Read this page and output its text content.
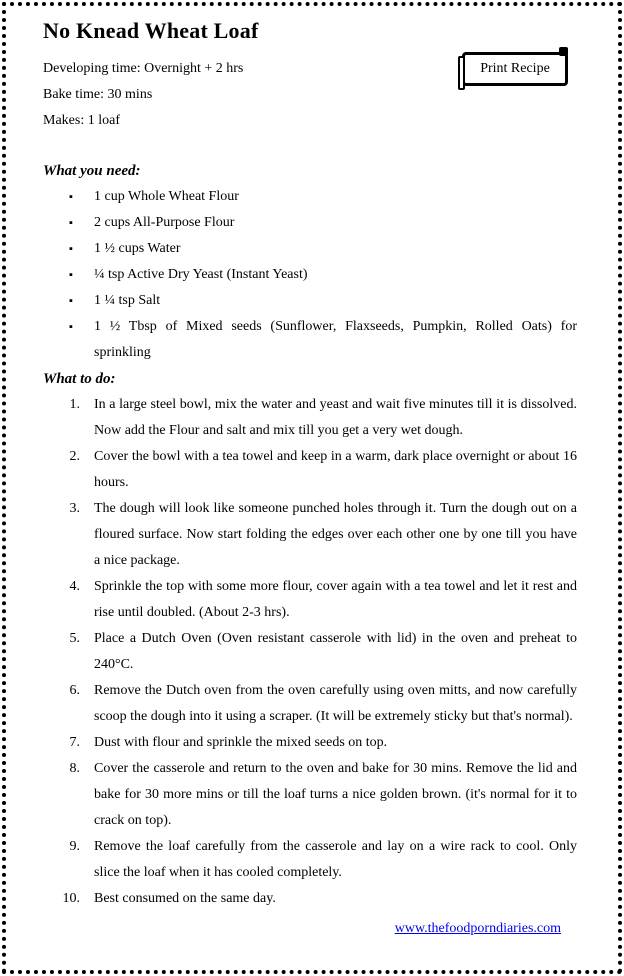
Print Recipe
No Knead Wheat Loaf
Developing time: Overnight + 2 hrs
Bake time: 30 mins
Makes: 1 loaf
What you need:
▪ 1 cup Whole Wheat Flour
▪ 2 cups All-Purpose Flour
▪ 1 ½ cups Water
▪ ¼ tsp Active Dry Yeast (Instant Yeast)
▪ 1 ¼ tsp Salt
▪ 1 ½ Tbsp of Mixed seeds (Sunflower, Flaxseeds, Pumpkin, Rolled Oats) for sprinkling
What to do:
In a large steel bowl, mix the water and yeast and wait five minutes till it is dissolved. Now add the Flour and salt and mix till you get a very wet dough.
Cover the bowl with a tea towel and keep in a warm, dark place overnight or about 16 hours.
The dough will look like someone punched holes through it. Turn the dough out on a floured surface. Now start folding the edges over each other one by one till you have a nice package.
Sprinkle the top with some more flour, cover again with a tea towel and let it rest and rise until doubled. (About 2-3 hrs).
Place a Dutch Oven (Oven resistant casserole with lid) in the oven and preheat to 240°C.
Remove the Dutch oven from the oven carefully using oven mitts, and now carefully scoop the dough into it using a scraper. (It will be extremely sticky but that's normal).
Dust with flour and sprinkle the mixed seeds on top.
Cover the casserole and return to the oven and bake for 30 mins. Remove the lid and bake for 30 more mins or till the loaf turns a nice golden brown. (it's normal for it to crack on top).
Remove the loaf carefully from the casserole and lay on a wire rack to cool. Only slice the loaf when it has cooled completely.
Best consumed on the same day.
www.thefoodporndiaries.com
